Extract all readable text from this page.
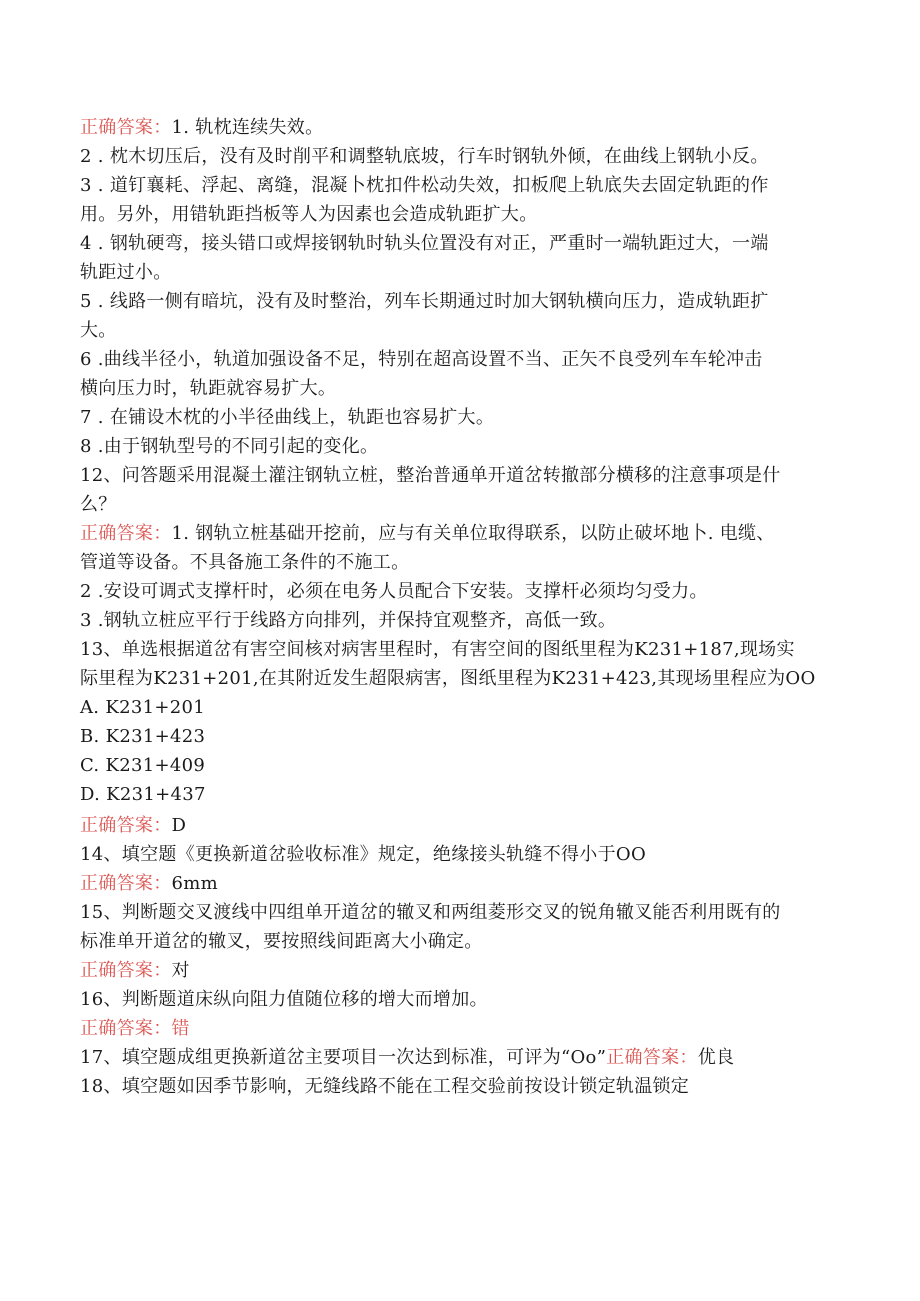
正确答案：1. 轨枕连续失效。
2 . 枕木切压后，没有及时削平和调整轨底坡，行车时钢轨外倾，在曲线上钢轨小反。
3 . 道钉襄耗、浮起、离缝，混凝卜枕扣件松动失效，扣板爬上轨底失去固定轨距的作
用。另外，用错轨距挡板等人为因素也会造成轨距扩大。
4 . 钢轨硬弯，接头错口或焊接钢轨时轨头位置没有对正，严重时一端轨距过大，一端
轨距过小。
5 . 线路一侧有暗坑，没有及时整治，列车长期通过时加大钢轨横向压力，造成轨距扩
大。
6 .曲线半径小，轨道加强设备不足，特别在超高设置不当、正矢不良受列车车轮冲击
横向压力时，轨距就容易扩大。
7 . 在铺设木枕的小半径曲线上，轨距也容易扩大。
8 .由于钢轨型号的不同引起的变化。
12、问答题采用混凝土灌注钢轨立桩，整治普通单开道岔转撤部分横移的注意事项是什
么？
正确答案：1. 钢轨立桩基础开挖前，应与有关单位取得联系，以防止破坏地卜. 电缆、
管道等设备。不具备施工条件的不施工。
2 .安设可调式支撑杆时，必须在电务人员配合下安装。支撑杆必须均匀受力。
3 .钢轨立桩应平行于线路方向排列，并保持宜观整齐，高低一致。
13、单选根据道岔有害空间核对病害里程时，有害空间的图纸里程为K231+187,现场实
际里程为K231+201,在其附近发生超限病害，图纸里程为K231+423,其现场里程应为OO
A. K231+201
B. K231+423
C. K231+409
D. K231+437
正确答案：D
14、填空题《更换新道岔验收标准》规定，绝缘接头轨缝不得小于OO
正确答案：6mm
15、判断题交叉渡线中四组单开道岔的辙叉和两组菱形交叉的锐角辙叉能否利用既有的
标准单开道岔的辙叉，要按照线间距离大小确定。
正确答案：对
16、判断题道床纵向阻力值随位移的增大而增加。
正确答案：错
17、填空题成组更换新道岔主要项目一次达到标准，可评为“Oo”正确答案：优良
18、填空题如因季节影响，无缝线路不能在工程交验前按设计锁定轨温锁定
